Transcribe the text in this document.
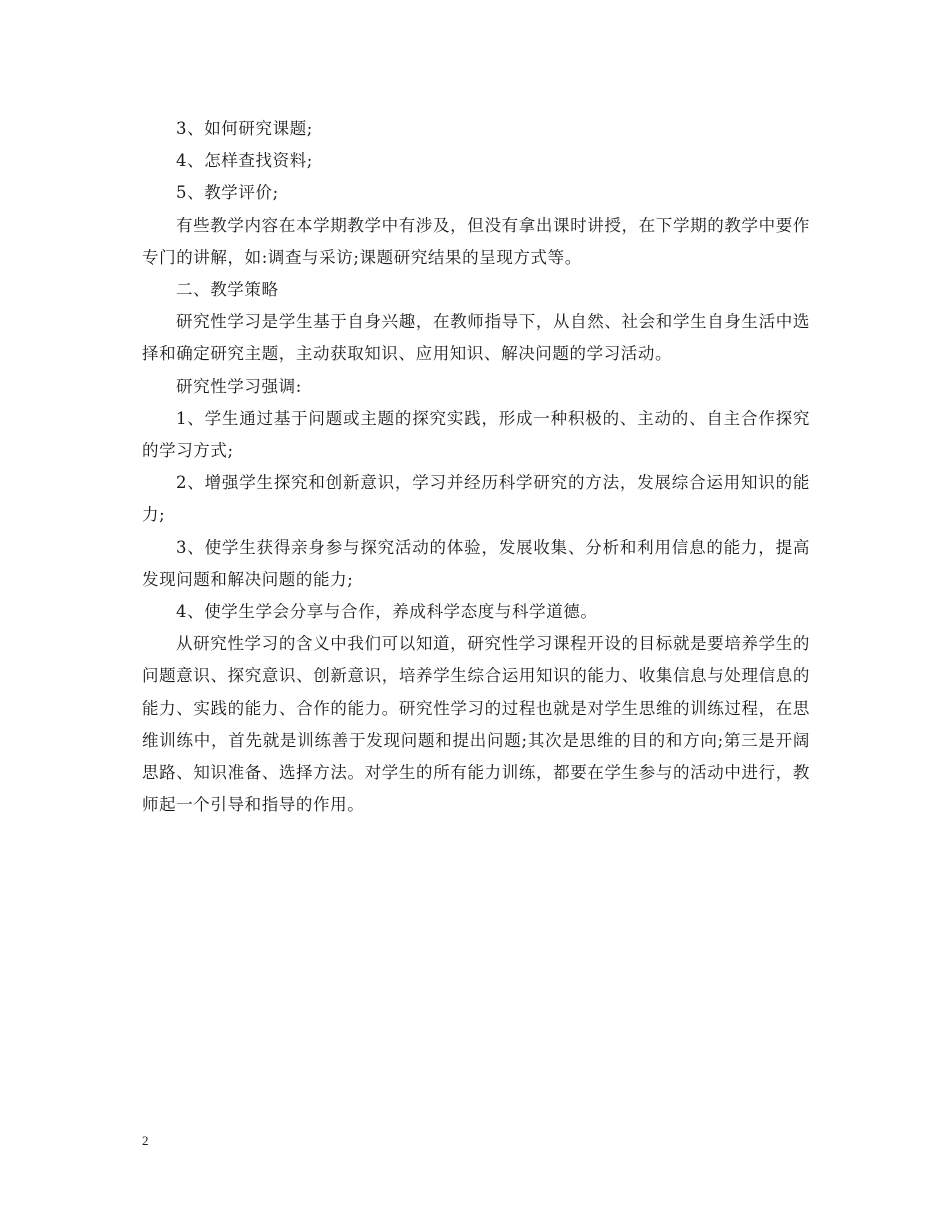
3、如何研究课题;

4、怎样查找资料;

5、教学评价;

有些教学内容在本学期教学中有涉及，但没有拿出课时讲授，在下学期的教学中要作专门的讲解，如:调查与采访;课题研究结果的呈现方式等。

二、教学策略

研究性学习是学生基于自身兴趣，在教师指导下，从自然、社会和学生自身生活中选择和确定研究主题，主动获取知识、应用知识、解决问题的学习活动。

研究性学习强调:

1、学生通过基于问题或主题的探究实践，形成一种积极的、主动的、自主合作探究的学习方式;

2、增强学生探究和创新意识，学习并经历科学研究的方法，发展综合运用知识的能力;

3、使学生获得亲身参与探究活动的体验，发展收集、分析和利用信息的能力，提高发现问题和解决问题的能力;

4、使学生学会分享与合作，养成科学态度与科学道德。

从研究性学习的含义中我们可以知道，研究性学习课程开设的目标就是要培养学生的问题意识、探究意识、创新意识，培养学生综合运用知识的能力、收集信息与处理信息的能力、实践的能力、合作的能力。研究性学习的过程也就是对学生思维的训练过程，在思维训练中，首先就是训练善于发现问题和提出问题;其次是思维的目的和方向;第三是开阔思路、知识准备、选择方法。对学生的所有能力训练，都要在学生参与的活动中进行，教师起一个引导和指导的作用。

2
